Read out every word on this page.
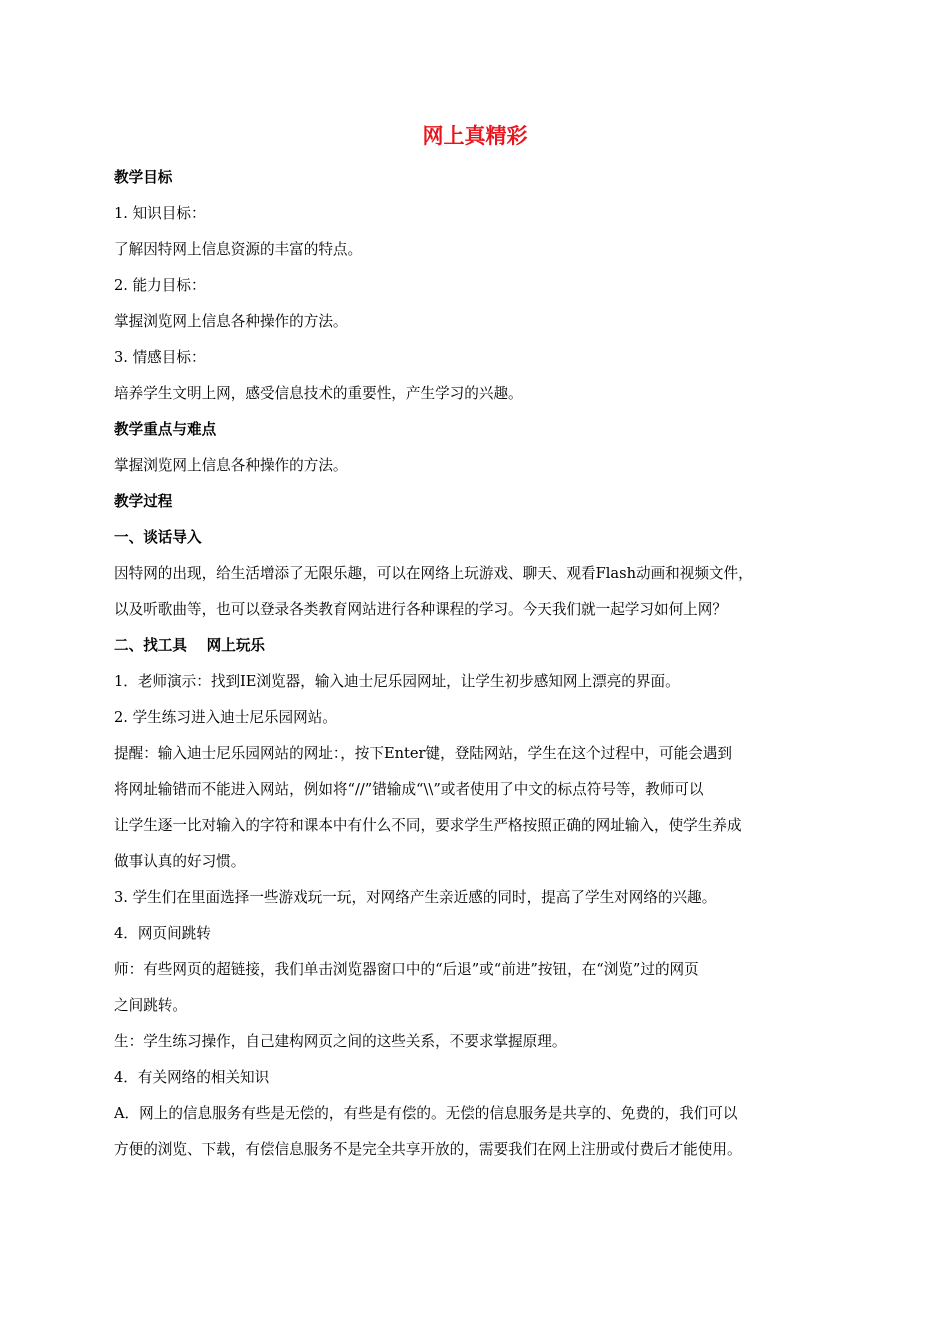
网上真精彩
教学目标
1. 知识目标：
了解因特网上信息资源的丰富的特点。
2. 能力目标：
掌握浏览网上信息各种操作的方法。
3. 情感目标：
培养学生文明上网，感受信息技术的重要性，产生学习的兴趣。
教学重点与难点
掌握浏览网上信息各种操作的方法。
教学过程
一、谈话导入
因特网的出现，给生活增添了无限乐趣，可以在网络上玩游戏、聊天、观看Flash动画和视频文件，
以及听歌曲等，也可以登录各类教育网站进行各种课程的学习。今天我们就一起学习如何上网？
二、找工具　 网上玩乐
1．老师演示：找到IE浏览器，输入迪士尼乐园网址，让学生初步感知网上漂亮的界面。
2. 学生练习进入迪士尼乐园网站。
提醒：输入迪士尼乐园网站的网址：，按下Enter键，登陆网站，学生在这个过程中，可能会遇到
将网址输错而不能进入网站，例如将“//”错输成“\\”或者使用了中文的标点符号等，教师可以
让学生逐一比对输入的字符和课本中有什么不同，要求学生严格按照正确的网址输入，使学生养成
做事认真的好习惯。
3. 学生们在里面选择一些游戏玩一玩，对网络产生亲近感的同时，提高了学生对网络的兴趣。
4．网页间跳转
师：有些网页的超链接，我们单击浏览器窗口中的“后退”或“前进”按钮，在“浏览”过的网页
之间跳转。
生：学生练习操作，自己建构网页之间的这些关系，不要求掌握原理。
4．有关网络的相关知识
A．网上的信息服务有些是无偿的，有些是有偿的。无偿的信息服务是共享的、免费的，我们可以
方便的浏览、下载，有偿信息服务不是完全共享开放的，需要我们在网上注册或付费后才能使用。
